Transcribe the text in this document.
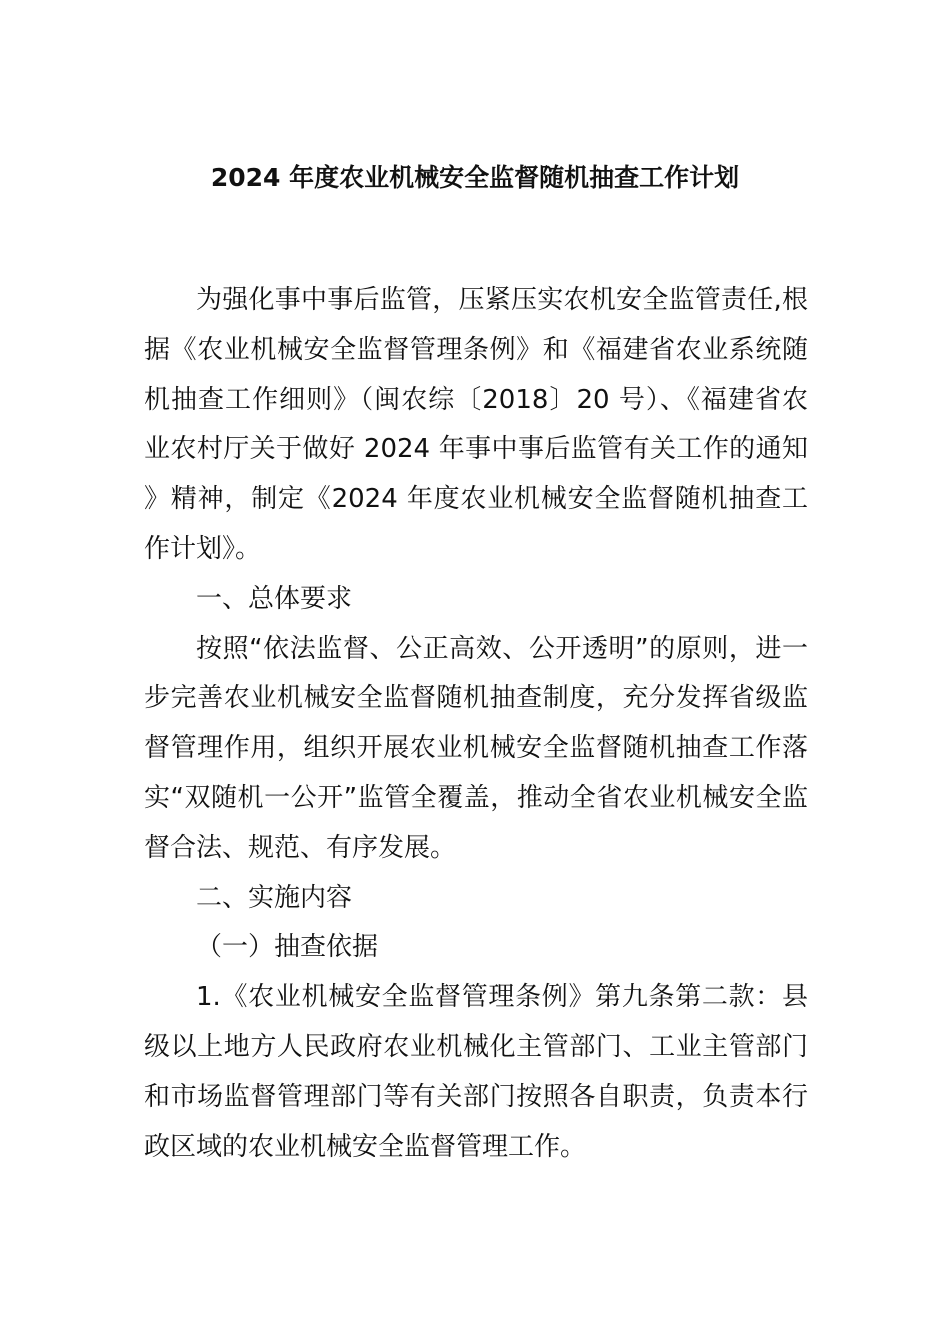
2024 年度农业机械安全监督随机抽查工作计划

为强化事中事后监管，压紧压实农机安全监管责任,根据《农业机械安全监督管理条例》和《福建省农业系统随机抽查工作细则》（闽农综〔2018〕20 号）、《福建省农业农村厅关于做好 2024 年事中事后监管有关工作的通知》精神，制定《2024 年度农业机械安全监督随机抽查工作计划》。

一、总体要求

按照“依法监督、公正高效、公开透明”的原则，进一步完善农业机械安全监督随机抽查制度，充分发挥省级监督管理作用，组织开展农业机械安全监督随机抽查工作落实“双随机一公开”监管全覆盖，推动全省农业机械安全监督合法、规范、有序发展。

二、实施内容

（一）抽查依据

1.《农业机械安全监督管理条例》第九条第二款：县级以上地方人民政府农业机械化主管部门、工业主管部门和市场监督管理部门等有关部门按照各自职责，负责本行政区域的农业机械安全监督管理工作。
